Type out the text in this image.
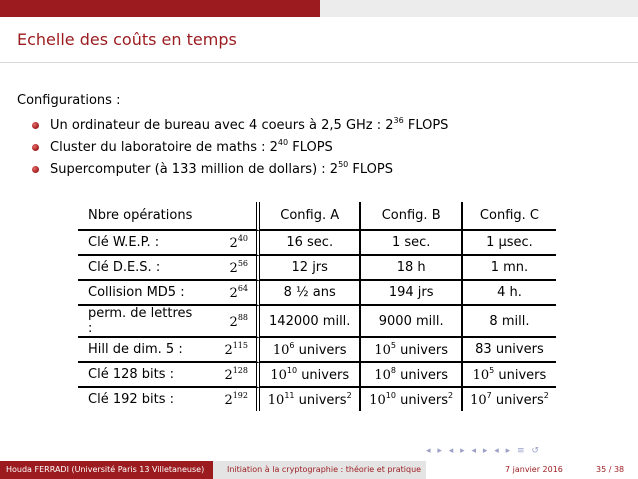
Echelle des coûts en temps
Configurations :
Un ordinateur de bureau avec 4 coeurs à 2,5 GHz : $2^{36}$ FLOPS
Cluster du laboratoire de maths : $2^{40}$ FLOPS
Supercomputer (à 133 million de dollars) : $2^{50}$ FLOPS
Nbre opérations		Config. A	Config. B	Config. C
Clé W.E.P. :	$2^{40}$	16 sec.	1 sec.	1 µsec.
Clé D.E.S. :	$2^{56}$	12 jrs	18 h	1 mn.
Collision MD5 :	$2^{64}$	8 ½ ans	194 jrs	4 h.
perm. de lettres :	$2^{88}$	142000 mill.	9000 mill.	8 mill.
Hill de dim. 5 :	$2^{115}$	$10^6$ univers	$10^5$ univers	83 univers
Clé 128 bits :	$2^{128}$	$10^{10}$ univers	$10^8$ univers	$10^5$ univers
Clé 192 bits :	$2^{192}$	$10^{11}$ univers$^2$	$10^{10}$ univers$^2$	$10^7$ univers$^2$
◂ ▸ ◂ ▸ ◂ ▸ ◂ ▸ ≡ ↺
Houda FERRADI (Université Paris 13 Villetaneuse)	Initiation à la cryptographie : théorie et pratique	7 janvier 2016	35 / 38
